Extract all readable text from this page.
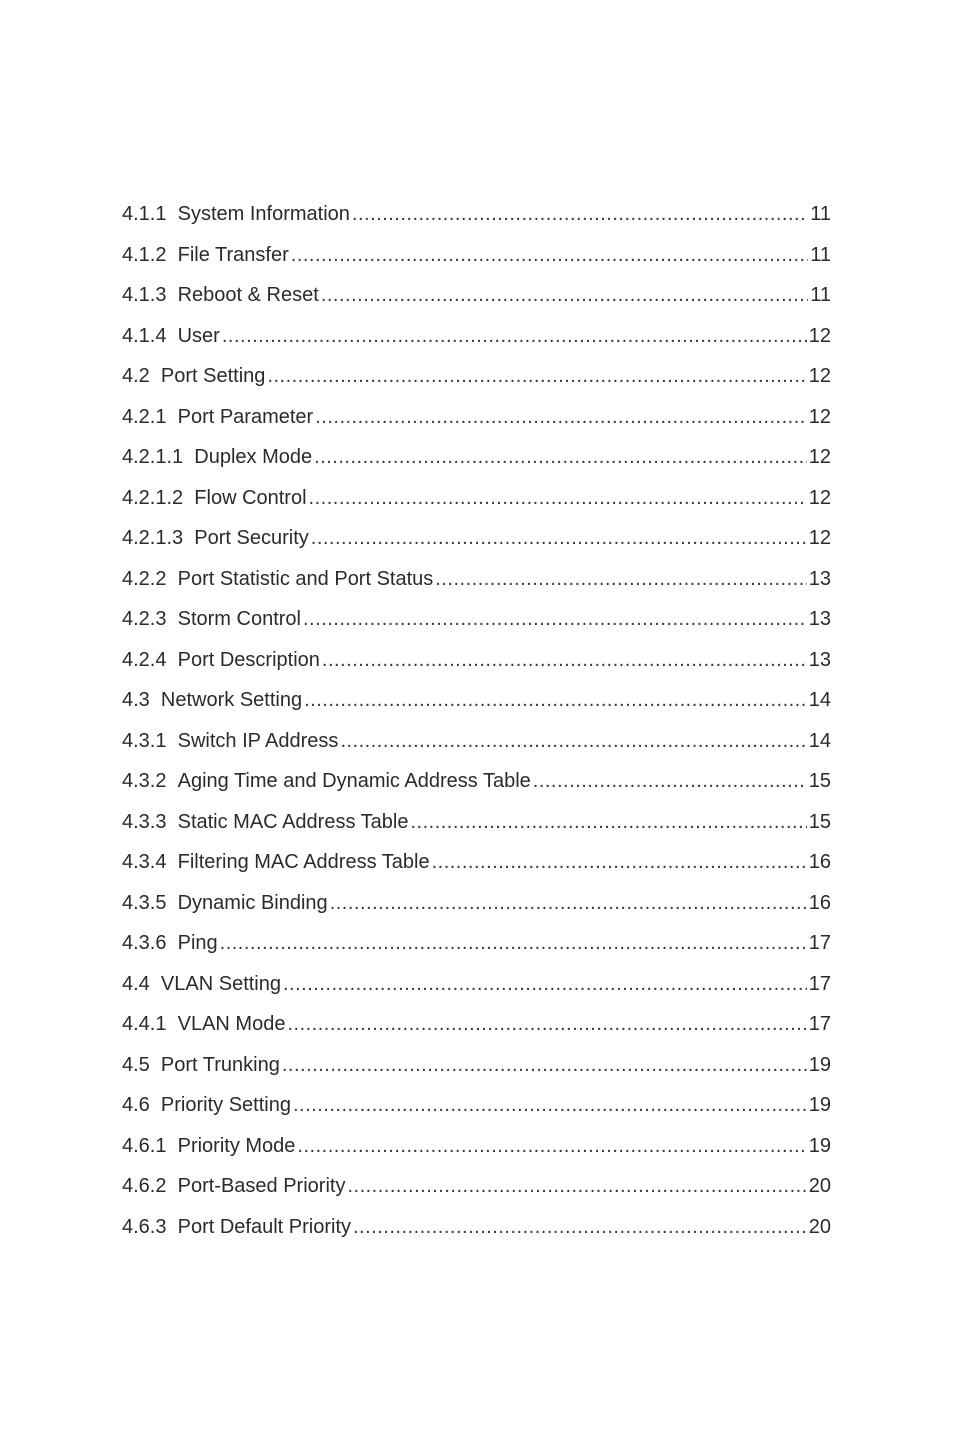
4.1.1 System Information .....	11
4.1.2 File Transfer .....	11
4.1.3 Reboot & Reset .....	11
4.1.4 User .....	12
4.2 Port Setting .....	12
4.2.1 Port Parameter .....	12
4.2.1.1 Duplex Mode .....	12
4.2.1.2 Flow Control .....	12
4.2.1.3 Port Security .....	12
4.2.2 Port Statistic and Port Status .....	13
4.2.3 Storm Control .....	13
4.2.4 Port Description .....	13
4.3 Network Setting .....	14
4.3.1 Switch IP Address .....	14
4.3.2 Aging Time and Dynamic Address Table .....	15
4.3.3 Static MAC Address Table .....	15
4.3.4 Filtering MAC Address Table .....	16
4.3.5 Dynamic Binding .....	16
4.3.6 Ping .....	17
4.4 VLAN Setting .....	17
4.4.1 VLAN Mode .....	17
4.5 Port Trunking .....	19
4.6 Priority Setting .....	19
4.6.1 Priority Mode .....	19
4.6.2 Port-Based Priority .....	20
4.6.3 Port Default Priority .....	20
